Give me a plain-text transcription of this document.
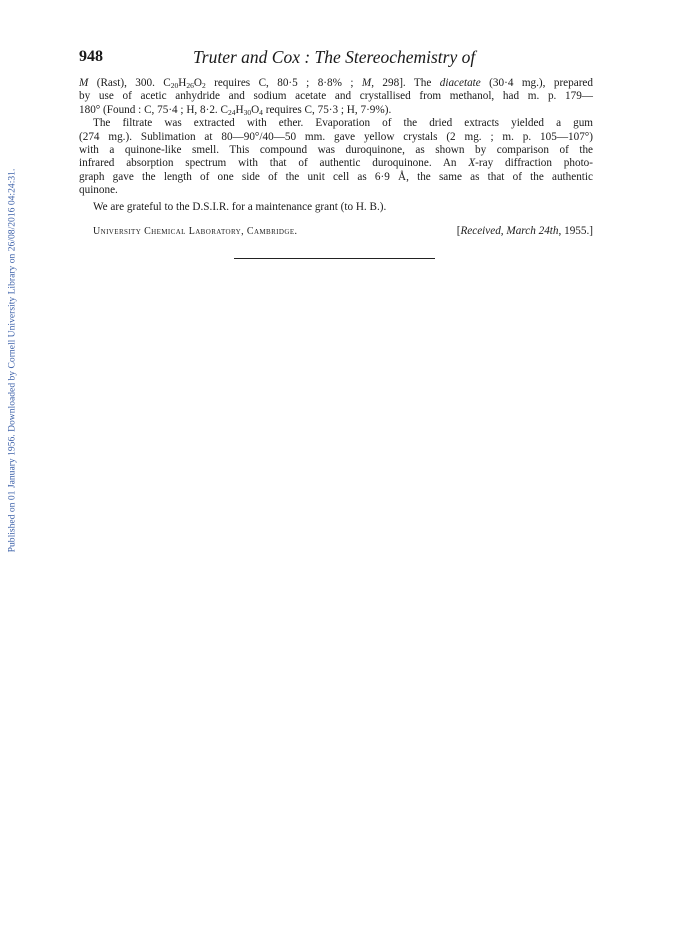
Published on 01 January 1956. Downloaded by Cornell University Library on 26/08/2016 04:24:31.
948	Truter and Cox : The Stereochemistry of
M (Rast), 300. $C_{20}H_{26}O_2$ requires C, 80·5 ; 8·8% ; M, 298]. The diacetate (30·4 mg.), prepared
by use of acetic anhydride and sodium acetate and crystallised from methanol, had m. p. 179—
180° (Found : C, 75·4 ; H, 8·2. $C_{24}H_{30}O_4$ requires C, 75·3 ; H, 7·9%).
The filtrate was extracted with ether. Evaporation of the dried extracts yielded a gum
(274 mg.). Sublimation at 80—90°/40—50 mm. gave yellow crystals (2 mg. ; m. p. 105—107°)
with a quinone-like smell. This compound was duroquinone, as shown by comparison of the
infrared absorption spectrum with that of authentic duroquinone. An X-ray diffraction photo-
graph gave the length of one side of the unit cell as 6·9 Å, the same as that of the authentic
quinone.
We are grateful to the D.S.I.R. for a maintenance grant (to H. B.).
University Chemical Laboratory, Cambridge.	[Received, March 24th, 1955.]
